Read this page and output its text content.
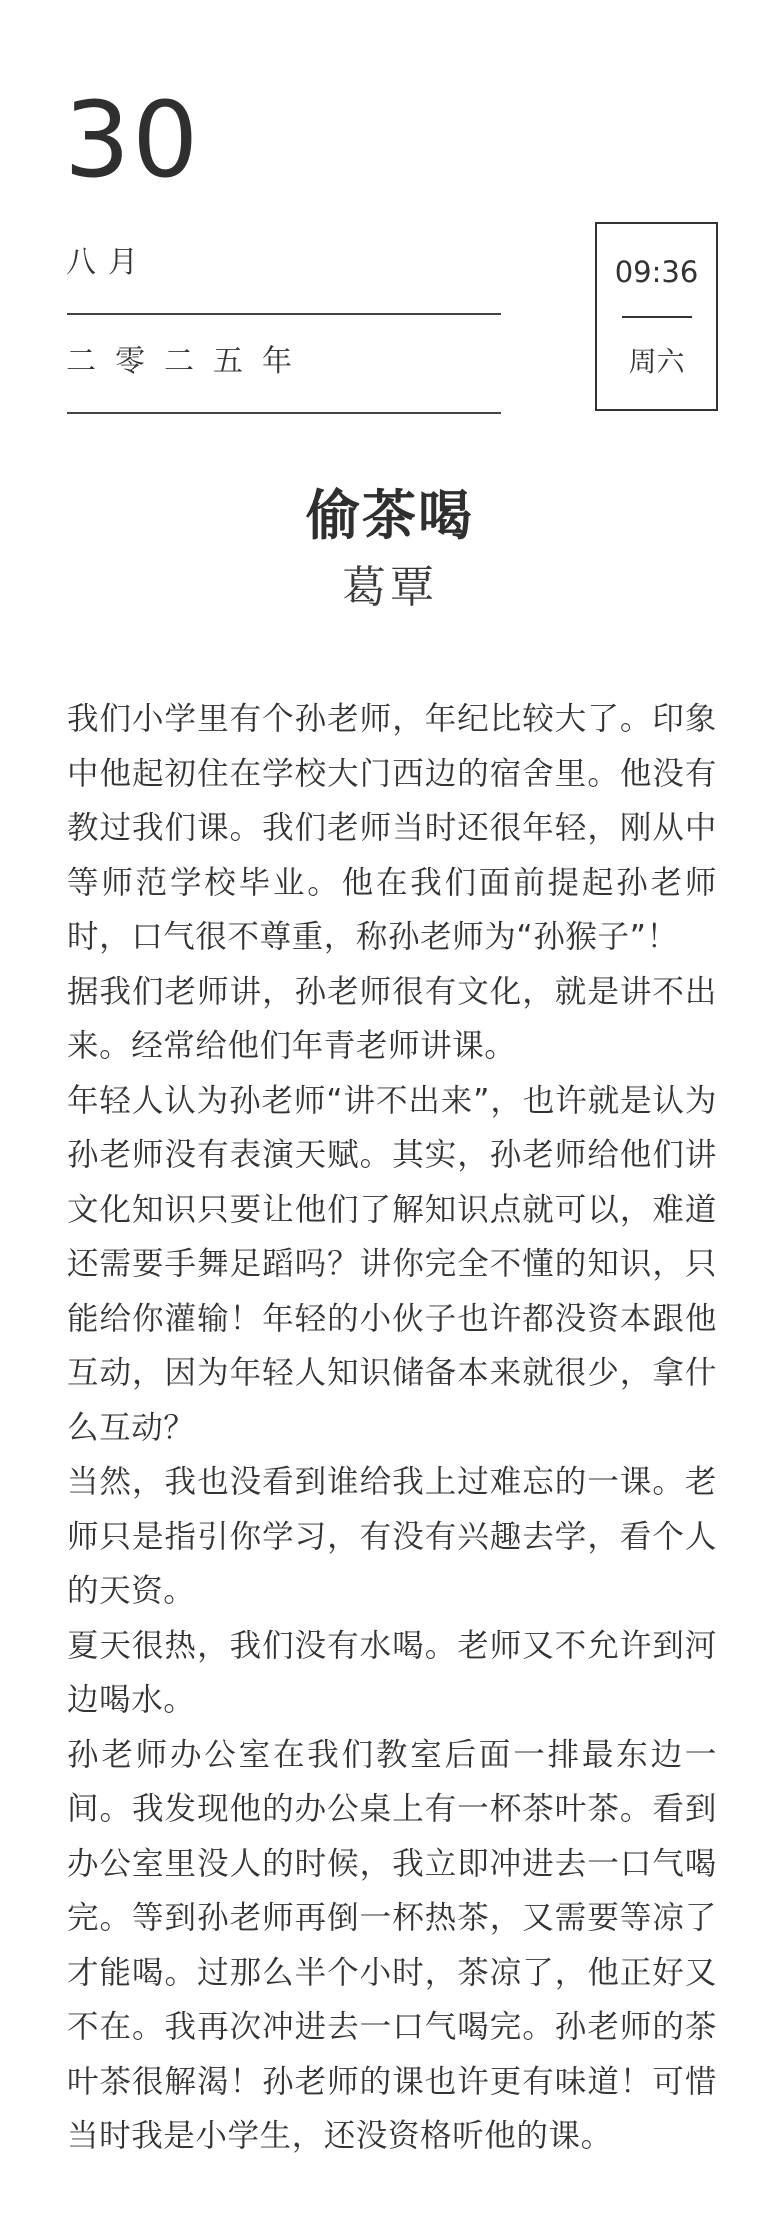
30
八月
二零二五年
09:36
周六
偷茶喝
葛覃

我们小学里有个孙老师，年纪比较大了。印象中他起初住在学校大门西边的宿舍里。他没有教过我们课。我们老师当时还很年轻，刚从中等师范学校毕业。他在我们面前提起孙老师时，口气很不尊重，称孙老师为“孙猴子”！

据我们老师讲，孙老师很有文化，就是讲不出来。经常给他们年青老师讲课。

年轻人认为孙老师“讲不出来”，也许就是认为孙老师没有表演天赋。其实，孙老师给他们讲文化知识只要让他们了解知识点就可以，难道还需要手舞足蹈吗？讲你完全不懂的知识，只能给你灌输！年轻的小伙子也许都没资本跟他互动，因为年轻人知识储备本来就很少，拿什么互动？

当然，我也没看到谁给我上过难忘的一课。老师只是指引你学习，有没有兴趣去学，看个人的天资。

夏天很热，我们没有水喝。老师又不允许到河边喝水。

孙老师办公室在我们教室后面一排最东边一间。我发现他的办公桌上有一杯茶叶茶。看到办公室里没人的时候，我立即冲进去一口气喝完。等到孙老师再倒一杯热茶，又需要等凉了才能喝。过那么半个小时，茶凉了，他正好又不在。我再次冲进去一口气喝完。孙老师的茶叶茶很解渴！孙老师的课也许更有味道！可惜当时我是小学生，还没资格听他的课。
